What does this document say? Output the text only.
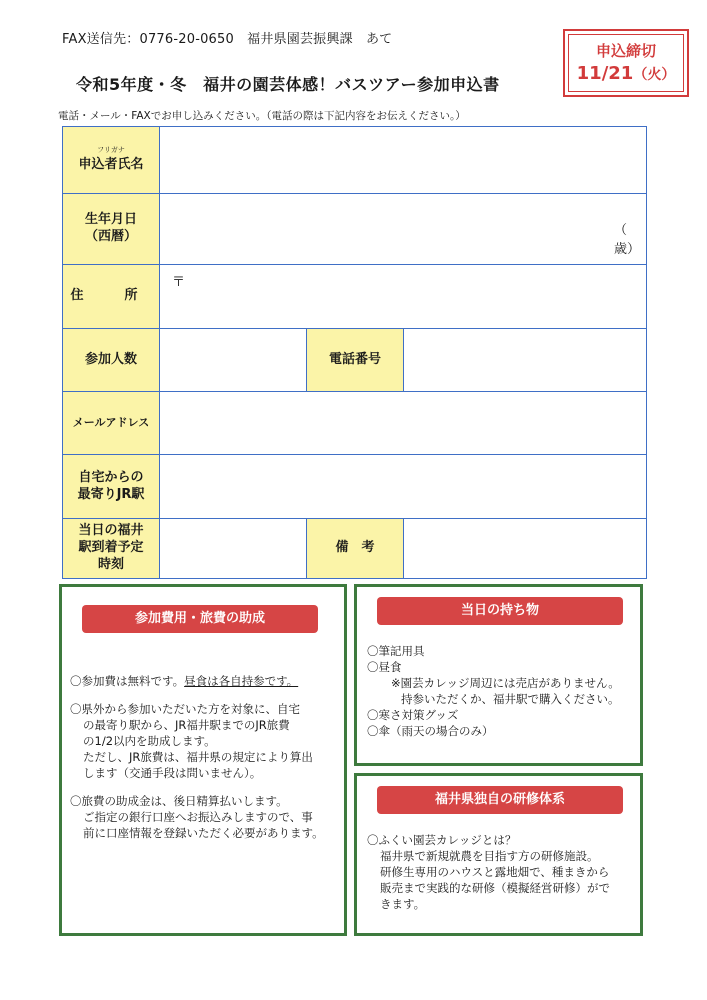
FAX送信先：0776-20-0650　福井県園芸振興課　あて
申込締切
11/21（火）
令和5年度・冬　福井の園芸体感！バスツアー参加申込書
電話・メール・FAXでお申し込みください。（電話の際は下記内容をお伝えください。）
フリガナ
申込者氏名			

生年月日
（西暦）	（　　　　　歳）		

住　所	〒		

参加人数		電話番号	
メールアドレス			

自宅からの
最寄りJR駅			

当日の福井
駅到着予定
時刻		備　考	
参加費用・旅費の助成

〇参加費は無料です。昼食は各自持参です。

〇県外から参加いただいた方を対象に、自宅
の最寄り駅から、JR福井駅までのJR旅費
の1/2以内を助成します。
ただし、JR旅費は、福井県の規定により算出
します（交通手段は問いません）。

〇旅費の助成金は、後日精算払いします。
ご指定の銀行口座へお振込みしますので、事
前に口座情報を登録いただく必要があります。

当日の持ち物
〇筆記用具
〇昼食
※園芸カレッジ周辺には売店がありません。
持参いただくか、福井駅で購入ください。
〇寒さ対策グッズ
〇傘（雨天の場合のみ）
福井県独自の研修体系
〇ふくい園芸カレッジとは？
福井県で新規就農を目指す方の研修施設。
研修生専用のハウスと露地畑で、種まきから
販売まで実践的な研修（模擬経営研修）がで
きます。
